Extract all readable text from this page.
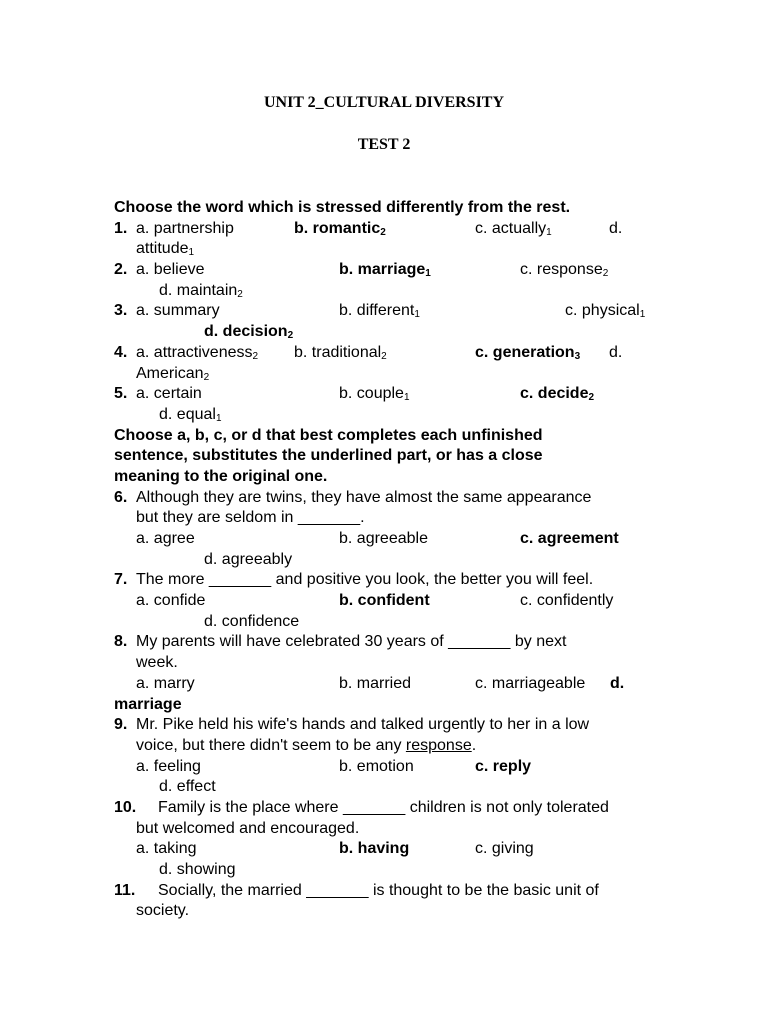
UNIT 2_CULTURAL DIVERSITY
TEST 2
Choose the word which is stressed differently from the rest.
1. a. partnership	b. romantic$_2$	c. actually$_1$	d.
attitude$_1$
2. a. believe	b. marriage$_1$	c. response$_2$
d. maintain$_2$
3. a. summary	b. different$_1$	c. physical$_1$
d. decision$_2$
4. a. attractiveness$_2$ b. traditional$_2$	c. generation$_3$ d.
American$_2$
5. a. certain	b. couple$_1$	c. decide$_2$
d. equal$_1$
Choose a, b, c, or d that best completes each unfinished
sentence, substitutes the underlined part, or has a close
meaning to the original one.
6. Although they are twins, they have almost the same appearance
but they are seldom in _______.
a. agree	b. agreeable	c. agreement
d. agreeably
7. The more _______ and positive you look, the better you will feel.
a. confide	b. confident	c. confidently
d. confidence
8. My parents will have celebrated 30 years of _______ by next
week.
a. marry	b. married	c. marriageable d.
marriage
9. Mr. Pike held his wife's hands and talked urgently to her in a low
voice, but there didn't seem to be any response.
a. feeling	b. emotion	c. reply
d. effect
10. Family is the place where _______ children is not only tolerated
but welcomed and encouraged.
a. taking	b. having	c. giving
d. showing
11. Socially, the married _______ is thought to be the basic unit of
society.
